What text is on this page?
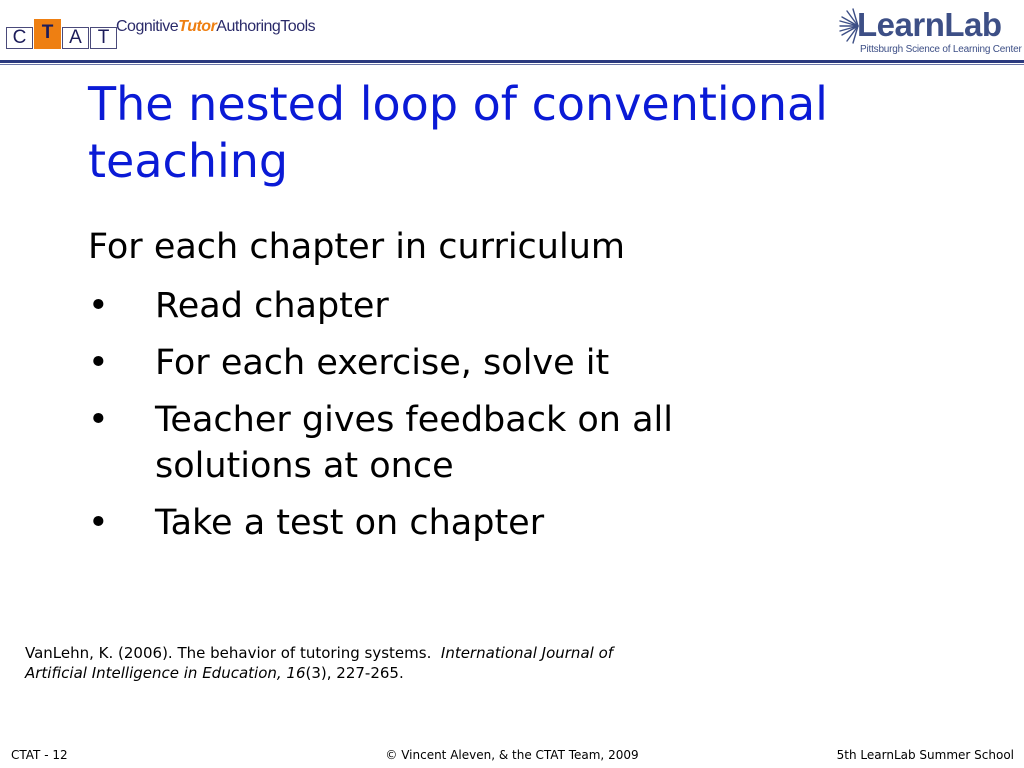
C T A T
CognitiveTutorAuthoringTools	LearnLab
Pittsburgh Science of Learning Center
The nested loop of conventional teaching

For each chapter in curriculum

•	Read chapter
•	For each exercise, solve it
•	Teacher gives feedback on all solutions at once
•	Take a test on chapter
VanLehn, K. (2006). The behavior of tutoring systems. International Journal of Artificial Intelligence in Education, 16(3), 227-265.
CTAT - 12	© Vincent Aleven, & the CTAT Team, 2009	5th LearnLab Summer School
